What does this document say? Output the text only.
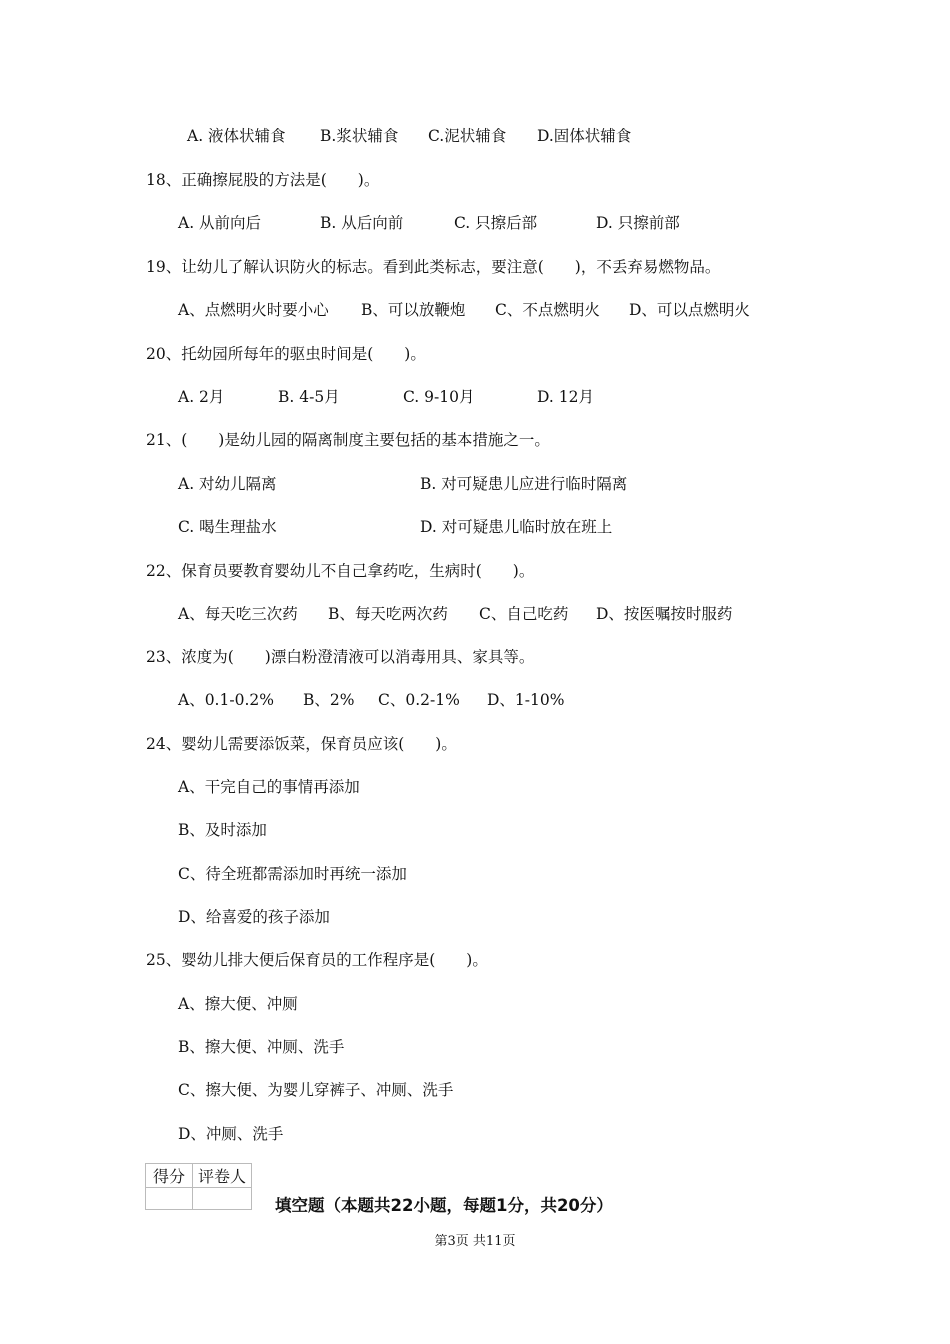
A. 液体状辅食 B.浆状辅食 C.泥状辅食 D.固体状辅食
18、正确擦屁股的方法是(　　)。
A. 从前向后	B. 从后向前	C. 只擦后部	D. 只擦前部
19、让幼儿了解认识防火的标志。看到此类标志，要注意(　　)，不丢弃易燃物品。
A、点燃明火时要小心 B、可以放鞭炮 C、不点燃明火 D、可以点燃明火
20、托幼园所每年的驱虫时间是(　　)。
A. 2月	B. 4-5月	C. 9-10月	D. 12月
21、(　　)是幼儿园的隔离制度主要包括的基本措施之一。
A. 对幼儿隔离	B. 对可疑患儿应进行临时隔离
C. 喝生理盐水	D. 对可疑患儿临时放在班上
22、保育员要教育婴幼儿不自己拿药吃，生病时(　　)。
A、每天吃三次药 B、每天吃两次药 C、自己吃药 D、按医嘱按时服药
23、浓度为(　　)漂白粉澄清液可以消毒用具、家具等。
A、0.1-0.2% B、2% C、0.2-1% D、1-10%
24、婴幼儿需要添饭菜，保育员应该(　　)。
A、干完自己的事情再添加
B、及时添加
C、待全班都需添加时再统一添加
D、给喜爱的孩子添加
25、婴幼儿排大便后保育员的工作程序是(　　)。
A、擦大便、冲厕
B、擦大便、冲厕、洗手
C、擦大便、为婴儿穿裤子、冲厕、洗手
D、冲厕、洗手
得分	评卷人

填空题（本题共22小题，每题1分，共20分）
第3页 共11页
